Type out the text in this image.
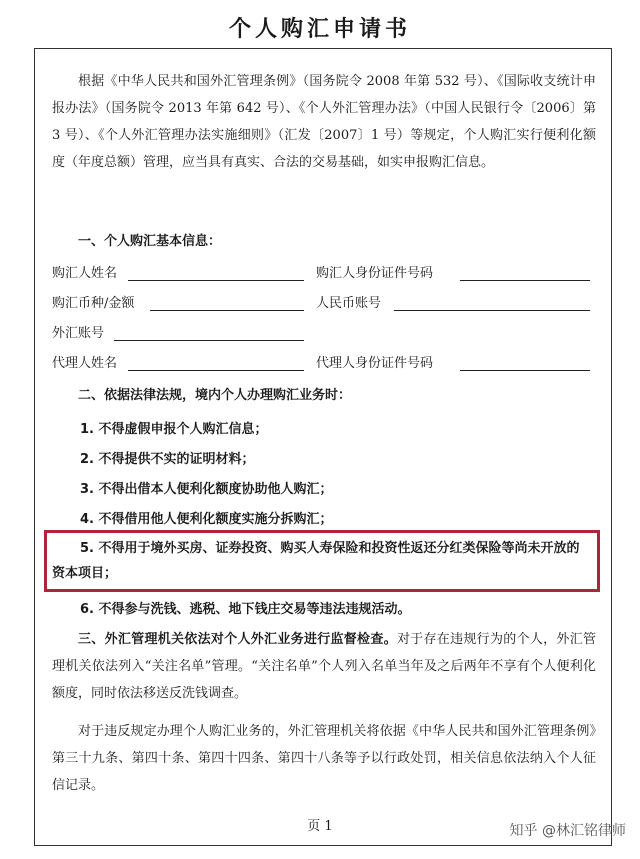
个人购汇申请书
根据《中华人民共和国外汇管理条例》（国务院令 2008 年第 532 号）、《国际收支统计申报办法》（国务院令 2013 年第 642 号）、《个人外汇管理办法》（中国人民银行令〔2006〕第 3 号）、《个人外汇管理办法实施细则》（汇发〔2007〕1 号）等规定，个人购汇实行便利化额度（年度总额）管理，应当具有真实、合法的交易基础，如实申报购汇信息。
一、个人购汇基本信息：
购汇人姓名	购汇人身份证件号码
购汇币种/金额	人民币账号
外汇账号
代理人姓名	代理人身份证件号码
二、依据法律法规，境内个人办理购汇业务时：
1. 不得虚假申报个人购汇信息；
2. 不得提供不实的证明材料；
3. 不得出借本人便利化额度协助他人购汇；
4. 不得借用他人便利化额度实施分拆购汇；
5. 不得用于境外买房、证券投资、购买人寿保险和投资性返还分红类保险等尚未开放的资本项目；
6. 不得参与洗钱、逃税、地下钱庄交易等违法违规活动。
三、外汇管理机关依法对个人外汇业务进行监督检查。对于存在违规行为的个人，外汇管理机关依法列入“关注名单”管理。“关注名单”个人列入名单当年及之后两年不享有个人便利化额度，同时依法移送反洗钱调查。
对于违反规定办理个人购汇业务的，外汇管理机关将依据《中华人民共和国外汇管理条例》第三十九条、第四十条、第四十四条、第四十八条等予以行政处罚，相关信息依法纳入个人征信记录。
页 1	知乎 @林汇铭律师
